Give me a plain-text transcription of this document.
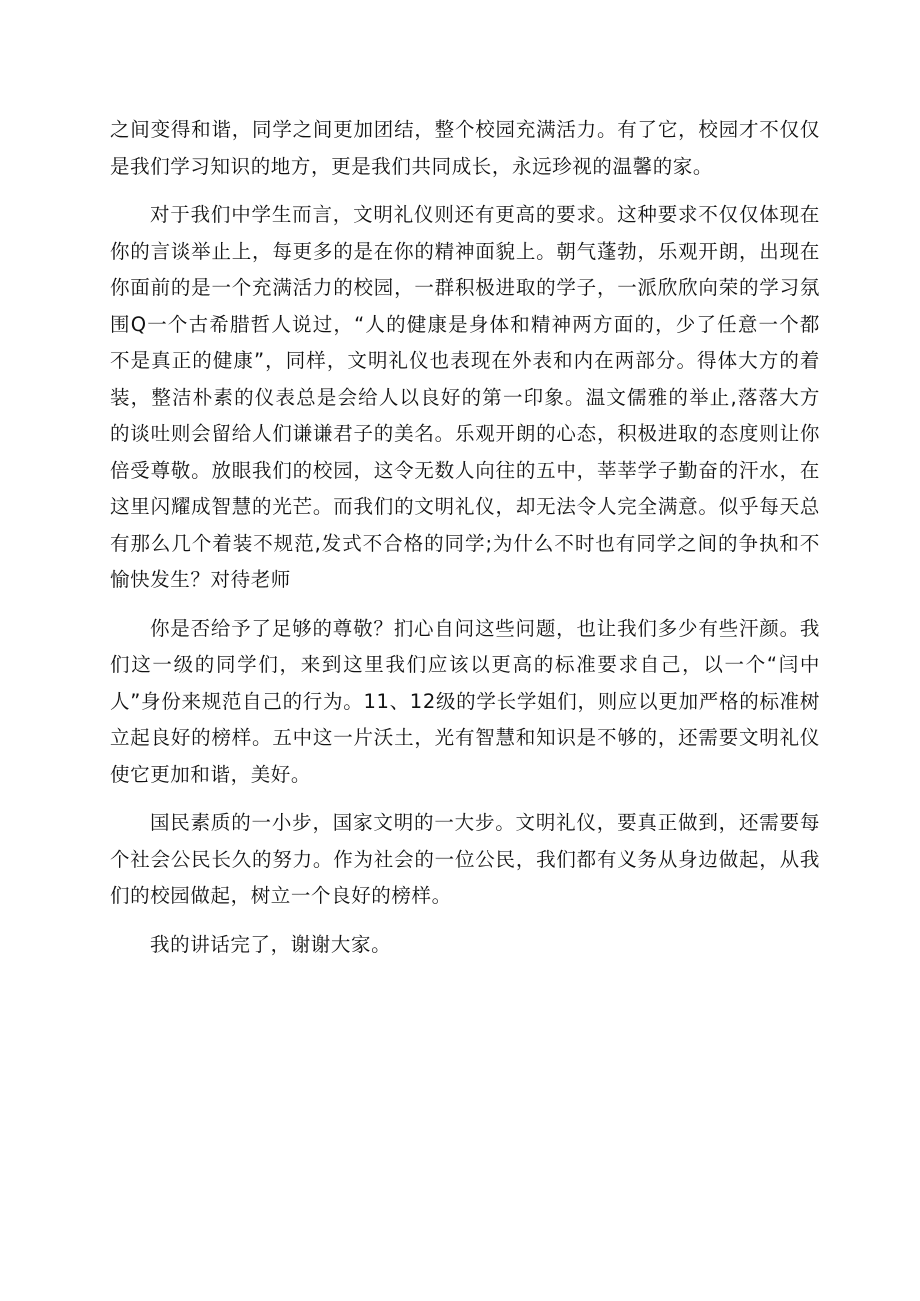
之间变得和谐，同学之间更加团结，整个校园充满活力。有了它，校园才不仅仅是我们学习知识的地方，更是我们共同成长，永远珍视的温馨的家。

对于我们中学生而言，文明礼仪则还有更高的要求。这种要求不仅仅体现在你的言谈举止上，每更多的是在你的精神面貌上。朝气蓬勃，乐观开朗，出现在你面前的是一个充满活力的校园，一群积极进取的学子，一派欣欣向荣的学习氛围Q一个古希腊哲人说过，“人的健康是身体和精神两方面的，少了任意一个都不是真正的健康”，同样，文明礼仪也表现在外表和内在两部分。得体大方的着装，整洁朴素的仪表总是会给人以良好的第一印象。温文儒雅的举止,落落大方的谈吐则会留给人们谦谦君子的美名。乐观开朗的心态，积极进取的态度则让你倍受尊敬。放眼我们的校园，这令无数人向往的五中，莘莘学子勤奋的汗水，在这里闪耀成智慧的光芒。而我们的文明礼仪，却无法令人完全满意。似乎每天总有那么几个着装不规范,发式不合格的同学;为什么不时也有同学之间的争执和不愉快发生？对待老师

你是否给予了足够的尊敬？扪心自问这些问题，也让我们多少有些汗颜。我们这一级的同学们，来到这里我们应该以更高的标准要求自己，以一个“闫中人”身份来规范自己的行为。11、12级的学长学姐们，则应以更加严格的标准树立起良好的榜样。五中这一片沃土，光有智慧和知识是不够的，还需要文明礼仪使它更加和谐，美好。

国民素质的一小步，国家文明的一大步。文明礼仪，要真正做到，还需要每个社会公民长久的努力。作为社会的一位公民，我们都有义务从身边做起，从我们的校园做起，树立一个良好的榜样。

我的讲话完了，谢谢大家。
